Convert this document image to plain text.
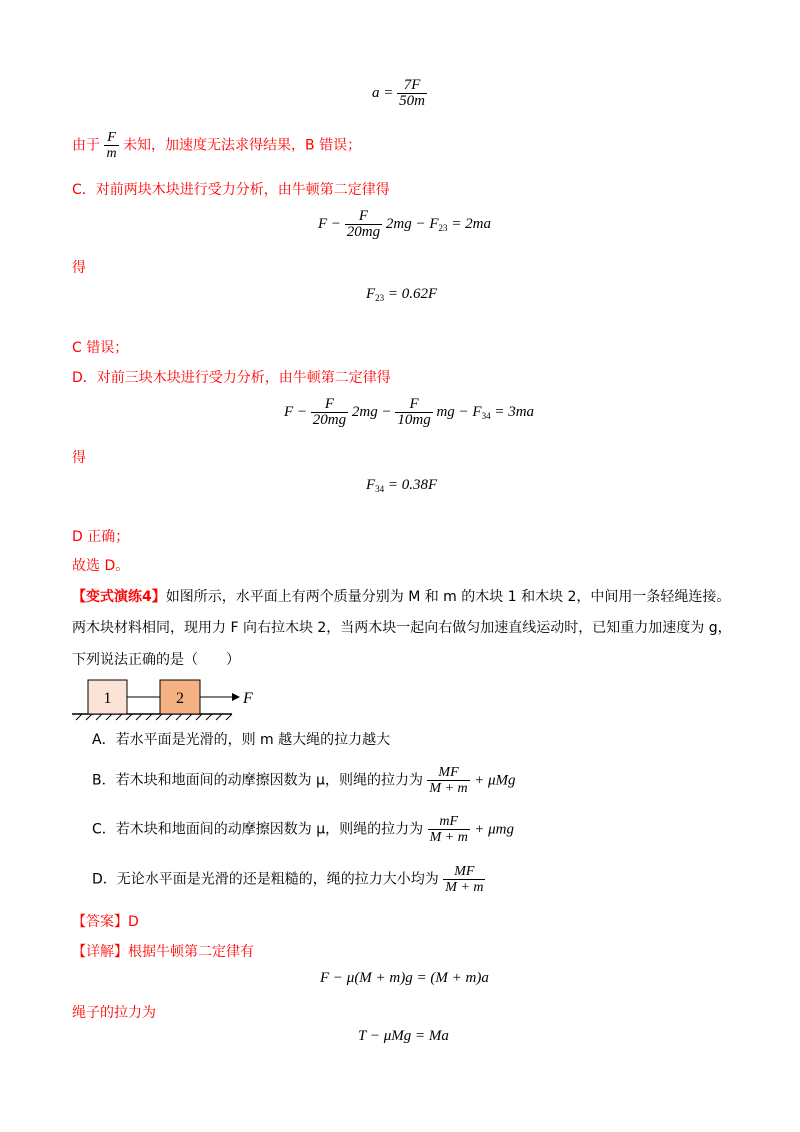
$a = \frac{7F}{50m}$
由于 $\frac{F}{m}$ 未知，加速度无法求得结果，B 错误；
C．对前两块木块进行受力分析，由牛顿第二定律得
$F - \frac{F}{20mg} 2mg - F_{23} = 2ma$
得
$F_{23} = 0.62F$
C 错误；
D．对前三块木块进行受力分析，由牛顿第二定律得
$F - \frac{F}{20mg} 2mg - \frac{F}{10mg}$ mg − $F_{34} = 3ma$
得
$F_{34} = 0.38F$
D 正确；
故选 D。
【变式演练4】如图所示，水平面上有两个质量分别为 M 和 m 的木块 1 和木块 2，中间用一条轻绳连接。
两木块材料相同，现用力 F 向右拉木块 2，当两木块一起向右做匀加速直线运动时，已知重力加速度为 g，
下列说法正确的是（　　）
1	2	F
A．若水平面是光滑的，则 m 越大绳的拉力越大
B．若木块和地面间的动摩擦因数为 μ，则绳的拉力为 $\frac{MF}{M + m} + \mu Mg$
C．若木块和地面间的动摩擦因数为 μ，则绳的拉力为 $\frac{mF}{M + m} + \mu mg$
D．无论水平面是光滑的还是粗糙的，绳的拉力大小均为 $\frac{MF}{M + m}$
【答案】D
【详解】根据牛顿第二定律有
F − μ(M + m)g = (M + m)a
绳子的拉力为
T − μMg = Ma
